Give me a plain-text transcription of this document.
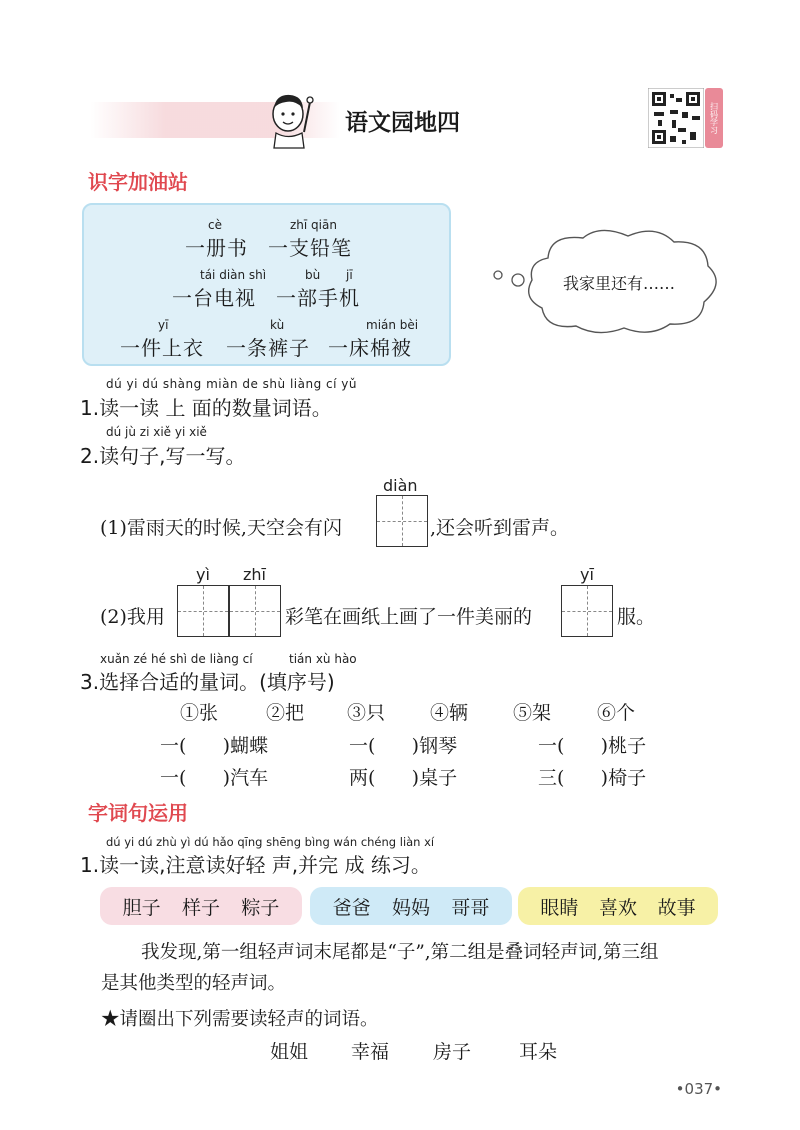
语文园地四	扫码学习
识字加油站
cè	zhī qiān
一册书 一支铅笔
tái diàn shì	bù jī
一台电视 一部手机
yī	kù	mián bèi
一件上衣 一条裤子 一床棉被
我家里还有……
dú yi dú shàng miàn de shù liàng cí yǔ
1.读一读 上 面的数量词语。
dú jù zi xiě yi xiě
2.读句子,写一写。
diàn
(1)雷雨天的时候,天空会有闪	,还会听到雷声。
yì zhī	yī
(2)我用	彩笔在画纸上画了一件美丽的	服。
xuǎn zé hé shì de liàng cí	tián xù hào
3.选择合适的量词。(填序号)
①张	②把 ③只 ④辆 ⑤架 ⑥个
一(      )蝴蝶	一(      )钢琴	一(      )桃子
一(      )汽车	两(      )桌子	三(      )椅子
字词句运用
dú yi dú zhù yì dú hǎo qīng shēng bìng wán chéng liàn xí
1.读一读,注意读好轻 声,并完 成 练习。
胆子 样子 粽子	爸爸 妈妈 哥哥	眼睛 喜欢 故事
我发现,第一组轻声词末尾都是“子”,第二组是叠词轻声词,第三组
是其他类型的轻声词。
★请圈出下列需要读轻声的词语。
姐姐 幸福 房子	耳朵
•037•
